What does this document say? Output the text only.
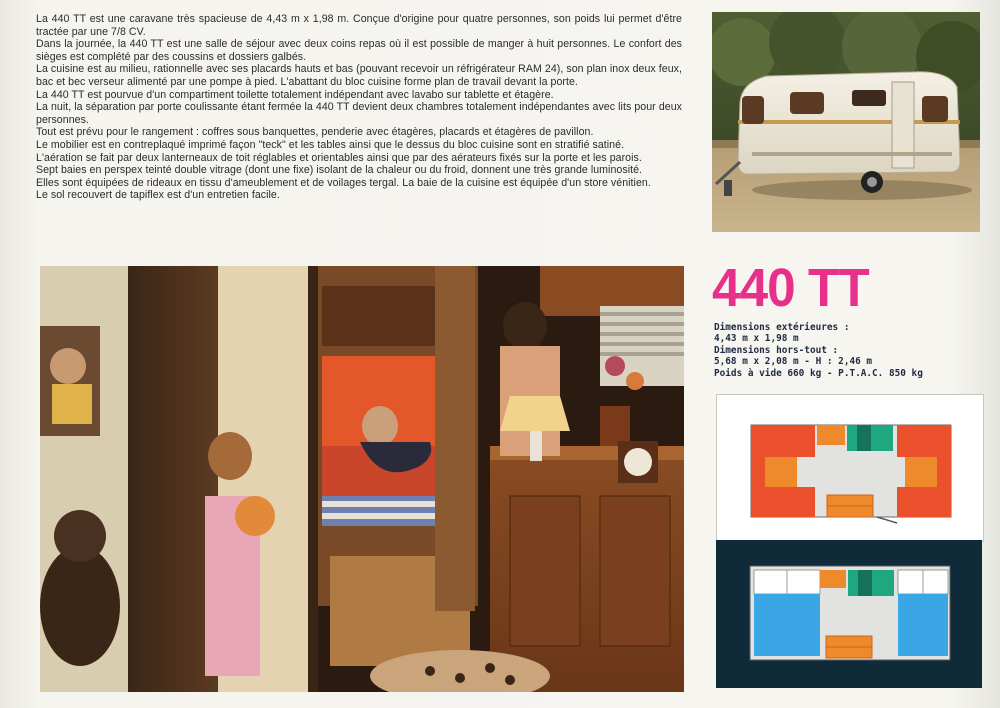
La 440 TT est une caravane très spacieuse de 4,43 m x 1,98 m. Conçue d'origine pour quatre personnes, son poids lui permet d'être tractée par une 7/8 CV.

Dans la journée, la 440 TT est une salle de séjour avec deux coins repas où il est possible de manger à huit personnes. Le confort des sièges est complété par des coussins et dossiers galbés.

La cuisine est au milieu, rationnelle avec ses placards hauts et bas (pouvant recevoir un réfrigérateur RAM 24), son plan inox deux feux, bac et bec verseur alimenté par une pompe à pied. L'abattant du bloc cuisine forme plan de travail devant la porte.

La 440 TT est pourvue d'un compartiment toilette totalement indépendant avec lavabo sur tablette et étagère.

La nuit, la séparation par porte coulissante étant fermée la 440 TT devient deux chambres totalement indépendantes avec lits pour deux personnes.

Tout est prévu pour le rangement : coffres sous banquettes, penderie avec étagères, placards et étagères de pavillon.

Le mobilier est en contreplaqué imprimé façon "teck" et les tables ainsi que le dessus du bloc cuisine sont en stratifié satiné.

L'aération se fait par deux lanterneaux de toit réglables et orientables ainsi que par des aérateurs fixés sur la porte et les parois.

Sept baies en perspex teinté double vitrage (dont une fixe) isolant de la chaleur ou du froid, donnent une très grande luminosité.

Elles sont équipées de rideaux en tissu d'ameublement et de voilages tergal. La baie de la cuisine est équipée d'un store vénitien.

Le sol recouvert de tapiflex est d'un entretien facile.

440 TT
Dimensions extérieures :
4,43 m x 1,98 m
Dimensions hors-tout :
5,68 m x 2,08 m - H : 2,46 m
Poids à vide 660 kg - P.T.A.C. 850 kg
